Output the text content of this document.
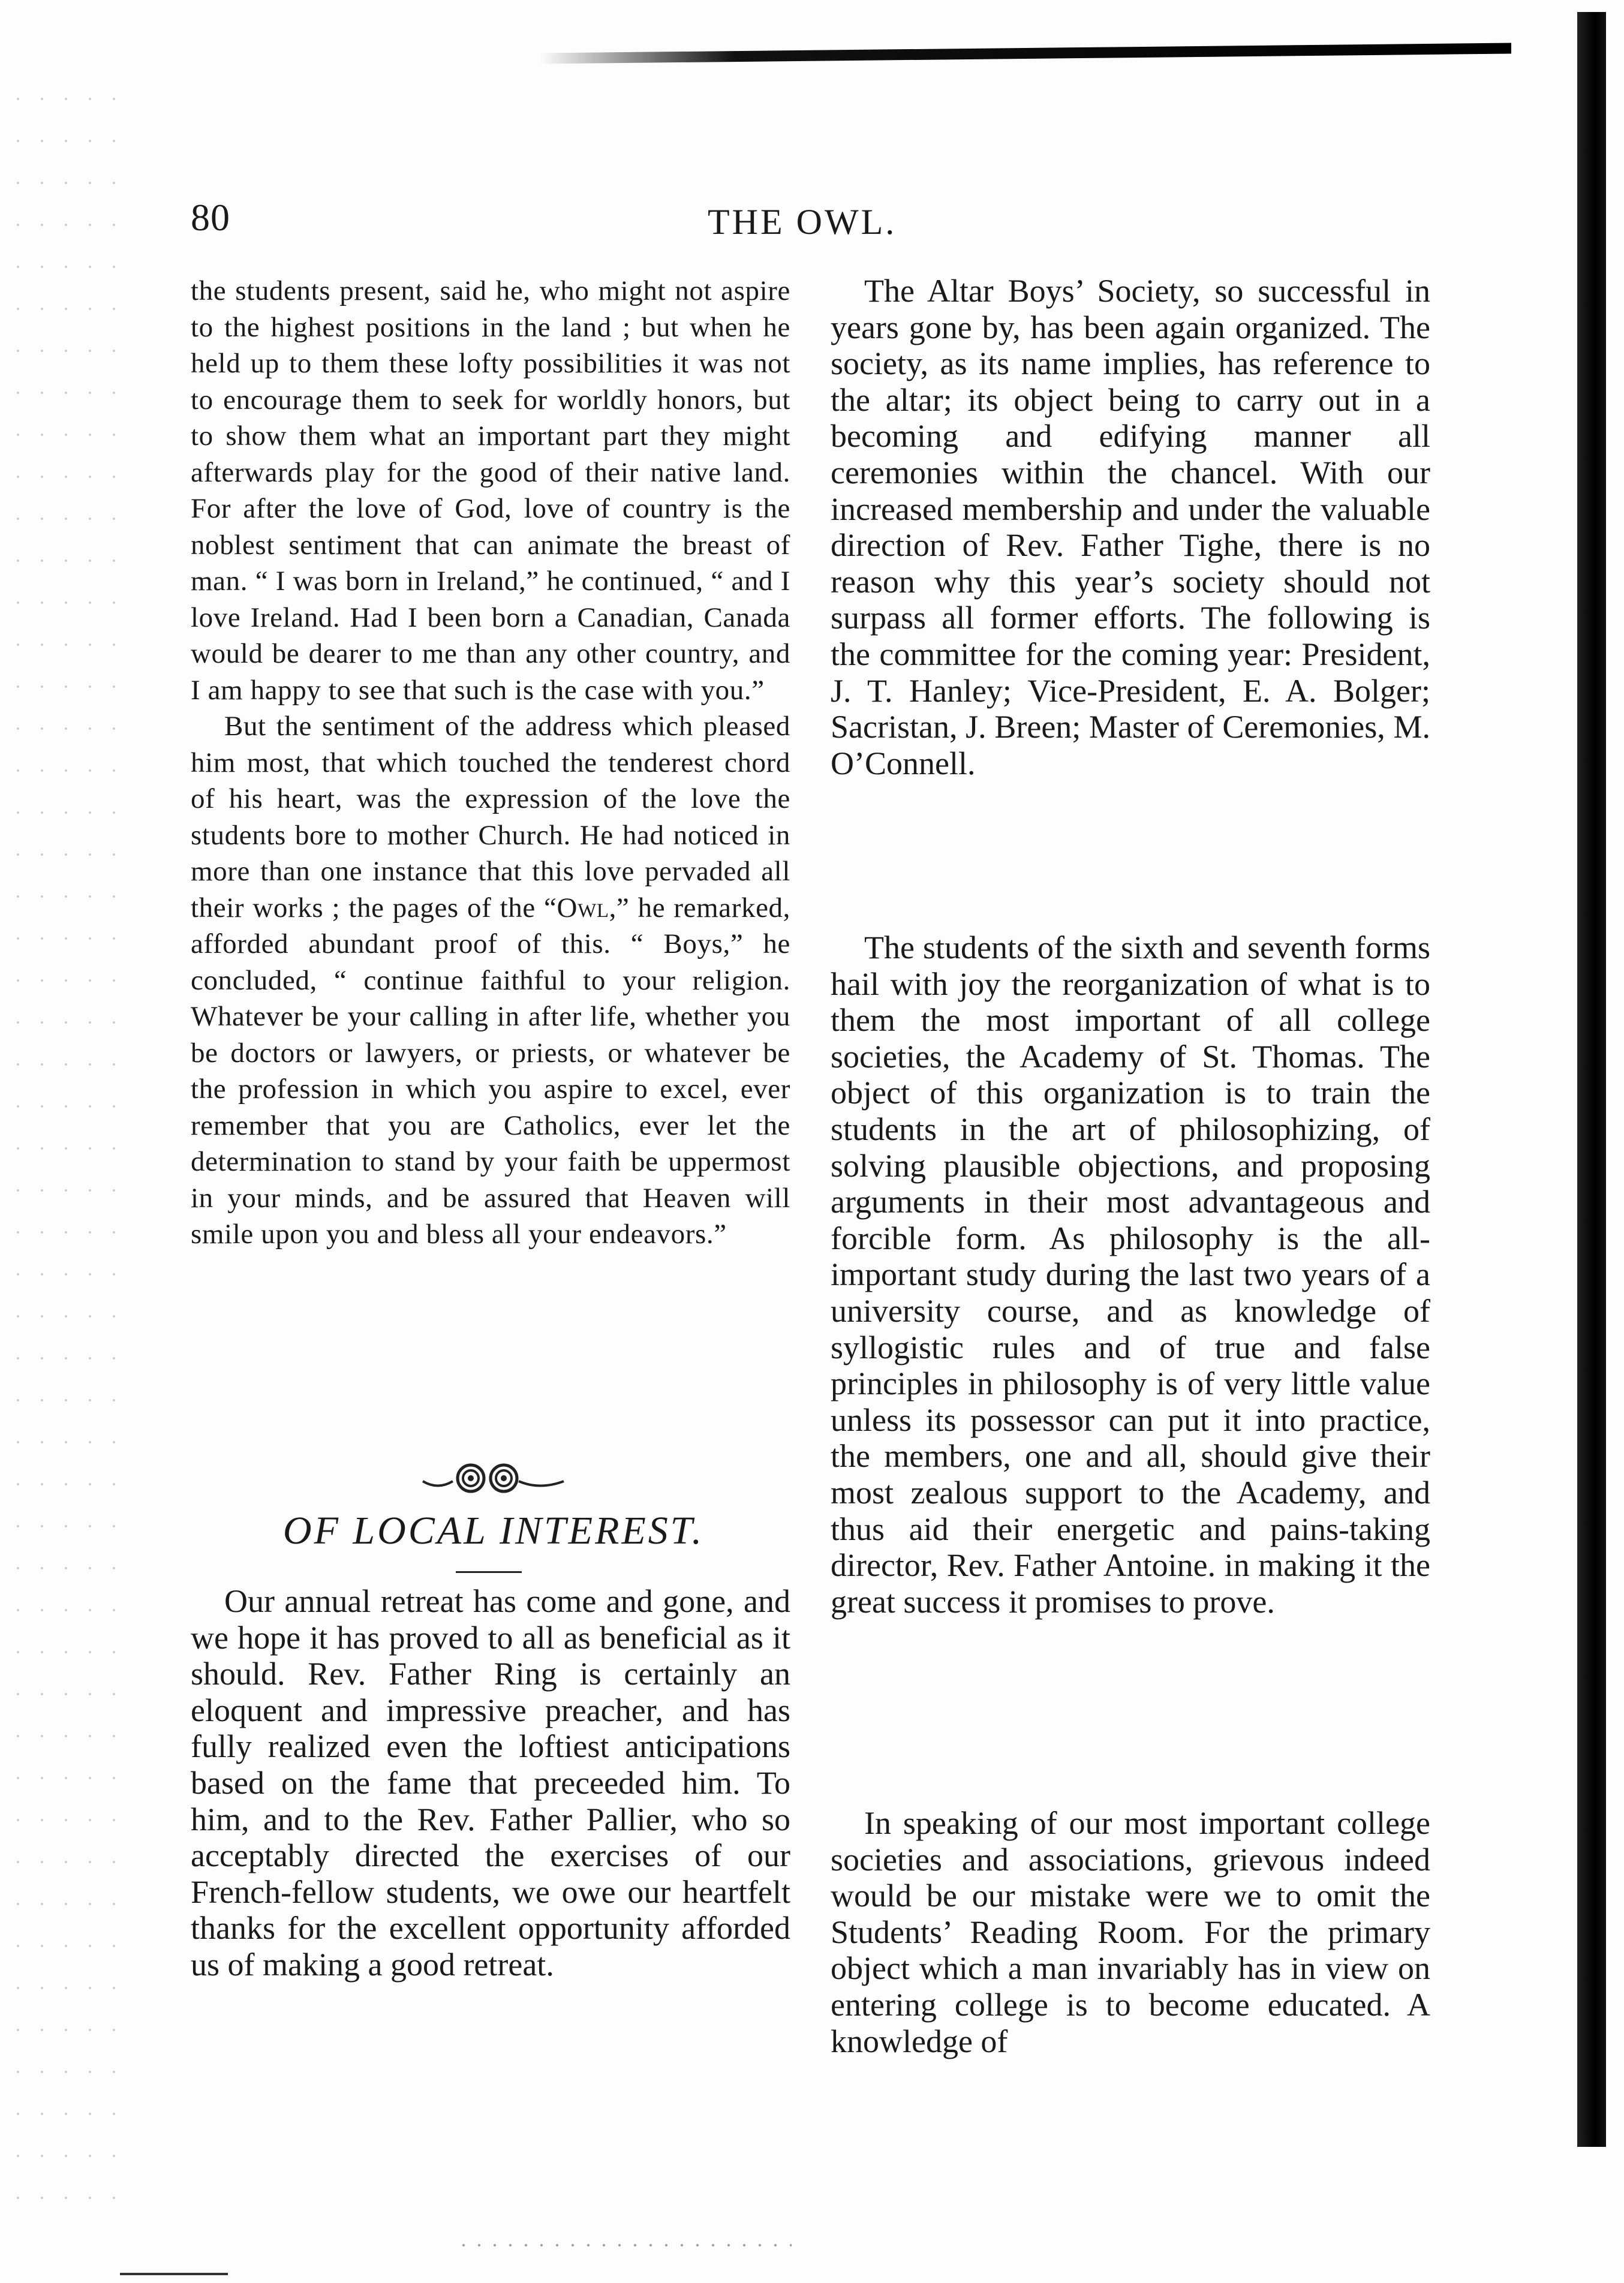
80	THE OWL.

the students present, said he, who might not aspire to the highest positions in the land ; but when he held up to them these lofty possibilities it was not to encourage them to seek for worldly honors, but to show them what an important part they might afterwards play for the good of their native land. For after the love of God, love of country is the noblest sentiment that can animate the breast of man. “ I was born in Ireland,” he continued, “ and I love Ireland. Had I been born a Canadian, Canada would be dearer to me than any other country, and I am happy to see that such is the case with you.”

But the sentiment of the address which pleased him most, that which touched the tenderest chord of his heart, was the expression of the love the students bore to mother Church. He had noticed in more than one instance that this love pervaded all their works ; the pages of the “Owl,” he remarked, afforded abundant proof of this. “ Boys,” he concluded, “ continue faithful to your religion. Whatever be your calling in after life, whether you be doctors or lawyers, or priests, or whatever be the profession in which you aspire to excel, ever remember that you are Catholics, ever let the determination to stand by your faith be uppermost in your minds, and be assured that Heaven will smile upon you and bless all your endeavors.”

OF LOCAL INTEREST.

Our annual retreat has come and gone, and we hope it has proved to all as beneficial as it should. Rev. Father Ring is certainly an eloquent and impressive preacher, and has fully realized even the loftiest anticipations based on the fame that preceeded him. To him, and to the Rev. Father Pallier, who so acceptably directed the exercises of our French-fellow students, we owe our heartfelt thanks for the excellent opportunity afforded us of making a good retreat.

The Altar Boys’ Society, so successful in years gone by, has been again organized. The society, as its name implies, has reference to the altar; its object being to carry out in a becoming and edifying manner all ceremonies within the chancel. With our increased membership and under the valuable direction of Rev. Father Tighe, there is no reason why this year’s society should not surpass all former efforts. The following is the committee for the coming year: President, J. T. Hanley; Vice-President, E. A. Bolger; Sacristan, J. Breen; Master of Ceremonies, M. O’Connell.

The students of the sixth and seventh forms hail with joy the reorganization of what is to them the most important of all college societies, the Academy of St. Thomas. The object of this organization is to train the students in the art of philosophizing, of solving plausible objections, and proposing arguments in their most advantageous and forcible form. As philosophy is the all-important study during the last two years of a university course, and as knowledge of syllogistic rules and of true and false principles in philosophy is of very little value unless its possessor can put it into practice, the members, one and all, should give their most zealous support to the Academy, and thus aid their energetic and pains-taking director, Rev. Father Antoine. in making it the great success it promises to prove.

In speaking of our most important college societies and associations, grievous indeed would be our mistake were we to omit the Students’ Reading Room. For the primary object which a man invariably has in view on entering college is to become educated. A knowledge of
